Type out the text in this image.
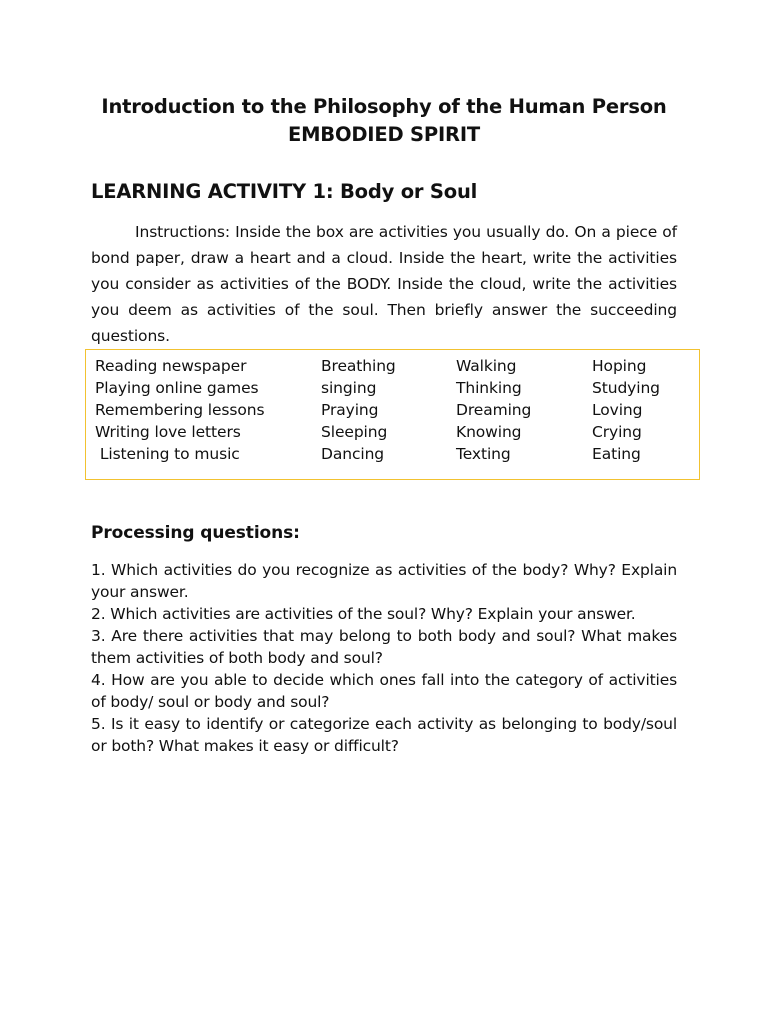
Introduction to the Philosophy of the Human Person
EMBODIED SPIRIT
LEARNING ACTIVITY 1: Body or Soul

Instructions: Inside the box are activities you usually do. On a piece of bond paper, draw a heart and a cloud. Inside the heart, write the activities you consider as activities of the BODY. Inside the cloud, write the activities you deem as activities of the soul. Then briefly answer the succeeding questions.

Reading newspaper
Playing online games
Remembering lessons
Writing love letters
Listening to music
Breathing
singing
Praying
Sleeping
Dancing
Walking
Thinking
Dreaming
Knowing
Texting
Hoping
Studying
Loving
Crying
Eating
Processing questions:

1. Which activities do you recognize as activities of the body? Why? Explain your answer.

2. Which activities are activities of the soul? Why? Explain your answer.

3. Are there activities that may belong to both body and soul? What makes them activities of both body and soul?

4. How are you able to decide which ones fall into the category of activities of body/ soul or body and soul?

5. Is it easy to identify or categorize each activity as belonging to body/soul or both? What makes it easy or difficult?
